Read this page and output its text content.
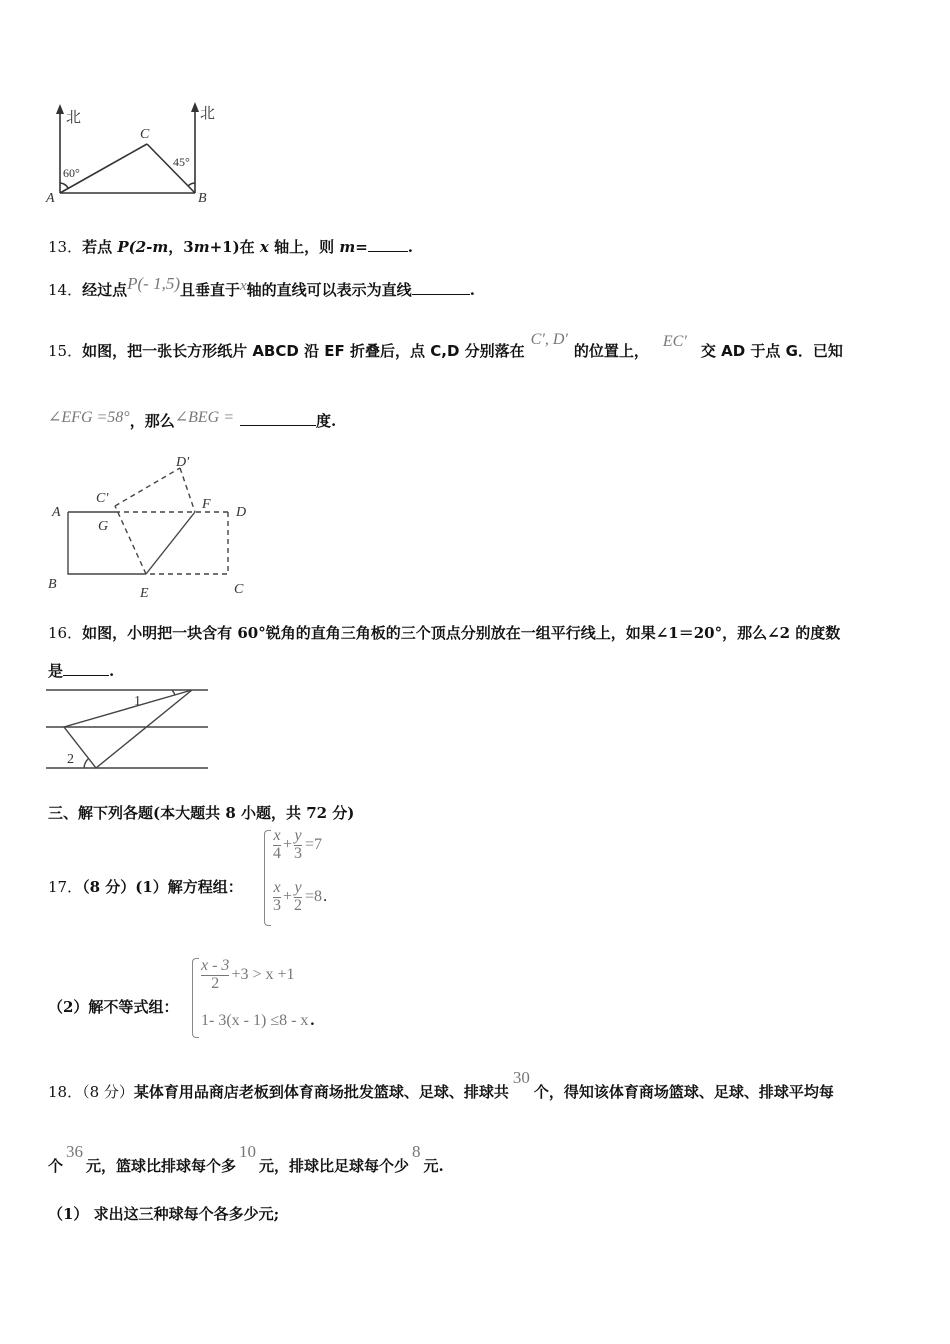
北	北
A	B
C
60°
45°
13．若点 P(2-m，3m+1)在 x 轴上，则 m=	.
14．经过点P(- 1,5)且垂直于x轴的直线可以表示为直线	.
15．如图，把一张长方形纸片 ABCD 沿 EF 折叠后，点 C,D 分别落在C′, D′的位置上，EC′交 AD 于点 G．已知
∠EFG =58°，那么∠BEG =	度.
A
B	C
D
E
F
G
C'
D'
16．如图，小明把一块含有 60°锐角的直角三角板的三个顶点分别放在一组平行线上，如果∠1＝20°，那么∠2 的度数
是	.
1
2
三、解下列各题(本大题共 8 小题，共 72 分)
17．（8 分）(1）解方程组：
$\frac{x}{4} + \frac{y}{3} =7$
$\frac{x}{3} + \frac{y}{2} =8$ .
（2）解不等式组：
$\frac{x - 3}{2} +3 > x +1$
1- 3(x - 1) ≤8 - x .
18．（8 分）某体育用品商店老板到体育商场批发篮球、足球、排球共30个，得知该体育商场篮球、足球、排球平均每
个36元，篮球比排球每个多10元，排球比足球每个少8元.
（1） 求出这三种球每个各多少元;
